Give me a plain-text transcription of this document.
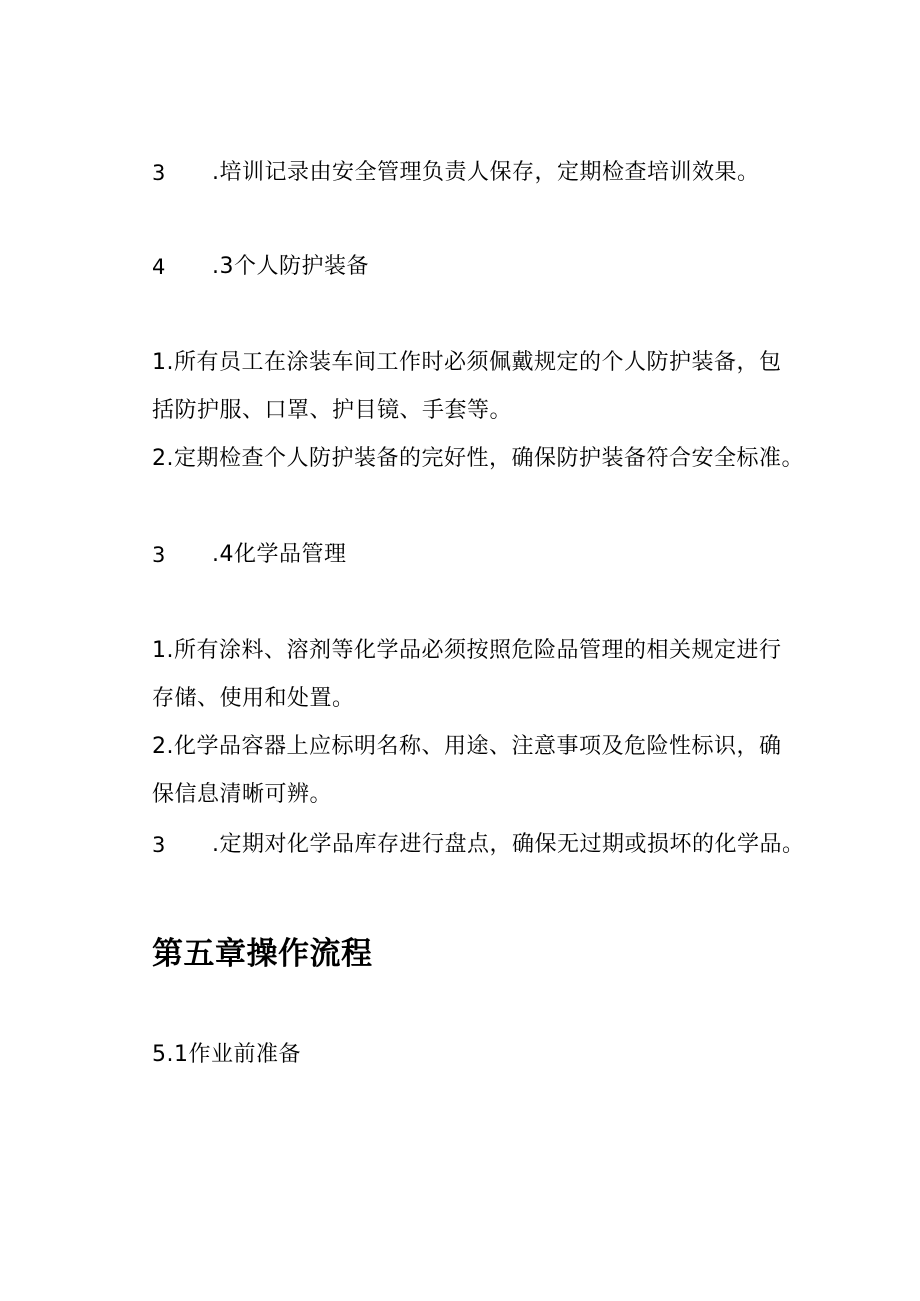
3 .培训记录由安全管理负责人保存，定期检查培训效果。
4 .3个人防护装备
1.所有员工在涂装车间工作时必须佩戴规定的个人防护装备，包
括防护服、口罩、护目镜、手套等。
2.定期检查个人防护装备的完好性，确保防护装备符合安全标准。
3 .4化学品管理
1.所有涂料、溶剂等化学品必须按照危险品管理的相关规定进行
存储、使用和处置。
2.化学品容器上应标明名称、用途、注意事项及危险性标识，确
保信息清晰可辨。
3 .定期对化学品库存进行盘点，确保无过期或损坏的化学品。
第五章操作流程
5.1作业前准备
